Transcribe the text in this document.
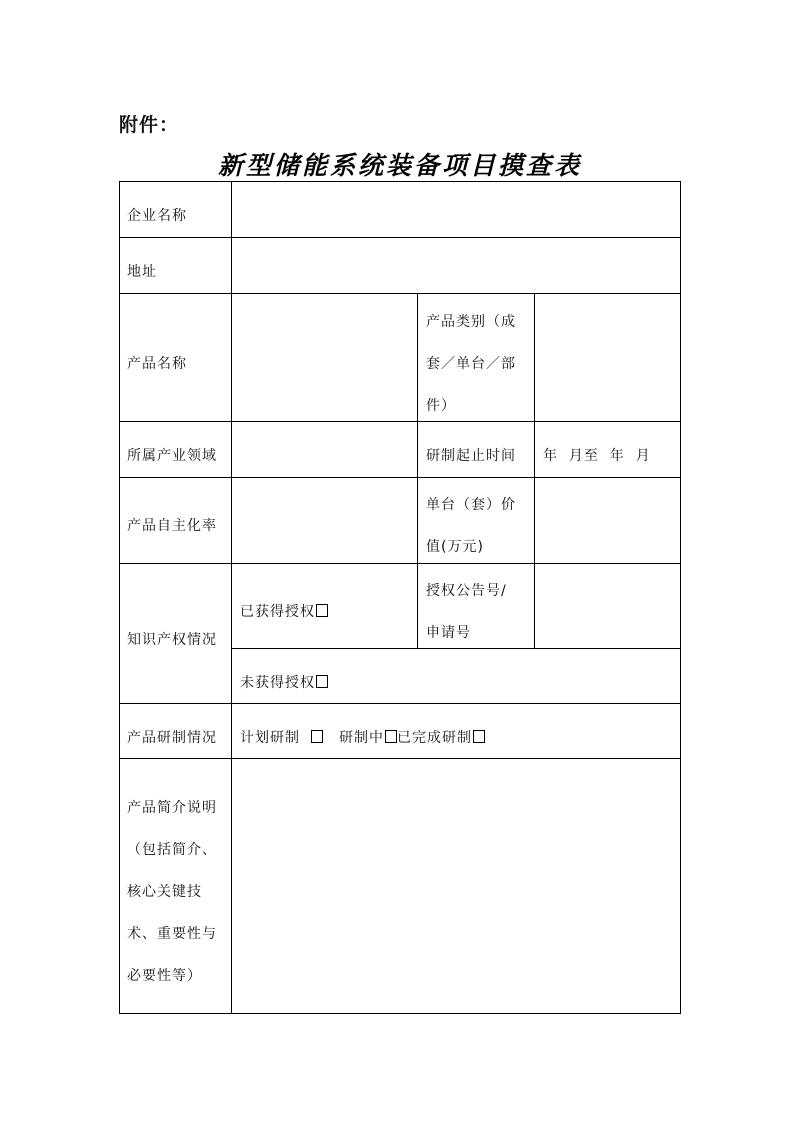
附件：
新型储能系统装备项目摸查表
企业名称
地址
产品名称
产品类别（成
套／单台／部
件）
所属产业领域	研制起止时间 年  月至  年  月
产品自主化率
单台（套）价
值(万元)
知识产权情况
已获得授权
授权公告号/
申请号
未获得授权
产品研制情况 计划研制	研制中 已完成研制
产品简介说明
（包括简介、
核心关键技
术、重要性与
必要性等）
